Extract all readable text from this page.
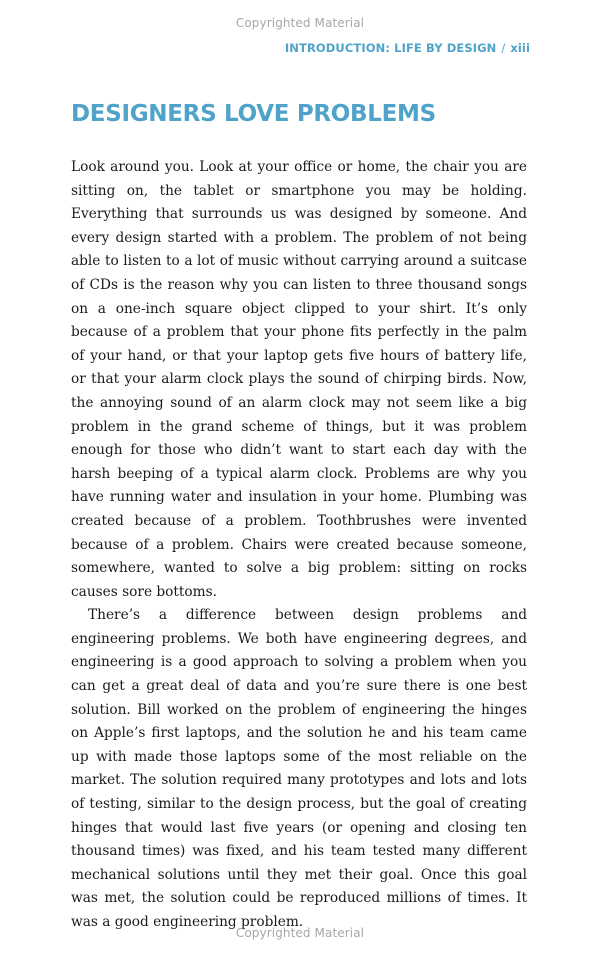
Copyrighted Material
INTRODUCTION: LIFE BY DESIGN / xiii
DESIGNERS LOVE PROBLEMS

Look around you. Look at your office or home, the chair you are sitting on, the tablet or smartphone you may be holding. Everything that surrounds us was designed by someone. And every design started with a problem. The problem of not being able to listen to a lot of music without carrying around a suitcase of CDs is the reason why you can listen to three thousand songs on a one-inch square object clipped to your shirt. It’s only because of a problem that your phone fits perfectly in the palm of your hand, or that your laptop gets five hours of battery life, or that your alarm clock plays the sound of chirping birds. Now, the annoying sound of an alarm clock may not seem like a big problem in the grand scheme of things, but it was problem enough for those who didn’t want to start each day with the harsh beeping of a typical alarm clock. Problems are why you have running water and insulation in your home. Plumbing was created because of a problem. Toothbrushes were invented because of a problem. Chairs were created because someone, somewhere, wanted to solve a big problem: sitting on rocks causes sore bottoms.

There’s a difference between design problems and engineering problems. We both have engineering degrees, and engineering is a good approach to solving a problem when you can get a great deal of data and you’re sure there is one best solution. Bill worked on the problem of engineering the hinges on Apple’s first laptops, and the solution he and his team came up with made those laptops some of the most reliable on the market. The solution required many prototypes and lots and lots of testing, similar to the design process, but the goal of creating hinges that would last five years (or opening and closing ten thousand times) was fixed, and his team tested many different mechanical solutions until they met their goal. Once this goal was met, the solution could be reproduced millions of times. It was a good engineering problem.

Copyrighted Material
